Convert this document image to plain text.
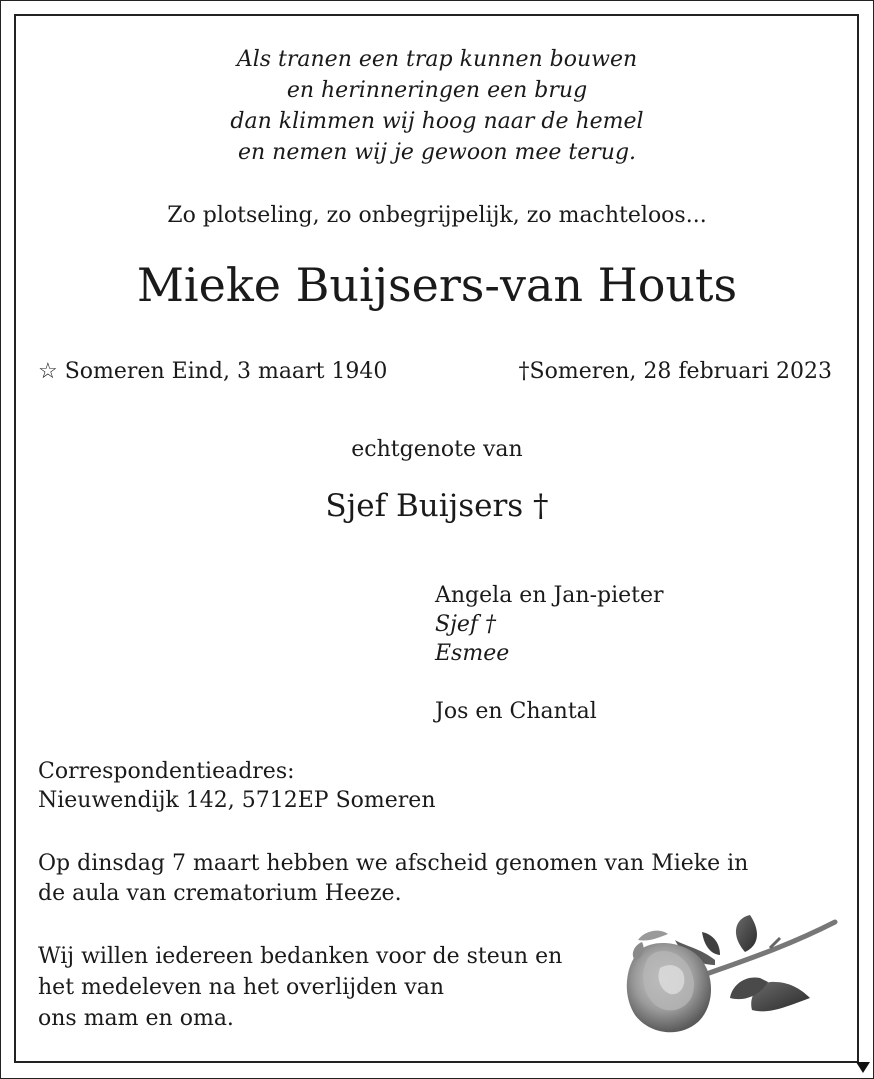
Als tranen een trap kunnen bouwen
en herinneringen een brug
dan klimmen wij hoog naar de hemel
en nemen wij je gewoon mee terug.
Zo plotseling, zo onbegrijpelijk, zo machteloos...
Mieke Buijsers-van Houts
☆ Someren Eind, 3 maart 1940	†Someren, 28 februari 2023
echtgenote van
Sjef Buijsers †
Angela en Jan-pieter
Sjef †
Esmee
Jos en Chantal
Correspondentieadres:
Nieuwendijk 142, 5712EP Someren
Op dinsdag 7 maart hebben we afscheid genomen van Mieke in
de aula van crematorium Heeze.
Wij willen iedereen bedanken voor de steun en
het medeleven na het overlijden van
ons mam en oma.
